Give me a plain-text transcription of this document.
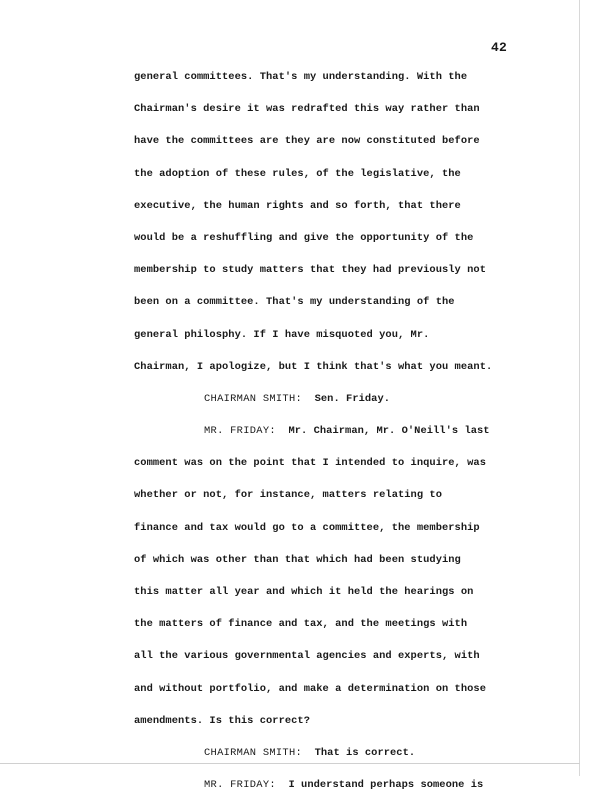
42
general committees. That's my understanding. With the
Chairman's desire it was redrafted this way rather than
have the committees are they are now constituted before
the adoption of these rules, of the legislative, the
executive, the human rights and so forth, that there
would be a reshuffling and give the opportunity of the
membership to study matters that they had previously not
been on a committee. That's my understanding of the
general philosphy. If I have misquoted you, Mr.
Chairman, I apologize, but I think that's what you meant.
CHAIRMAN SMITH:  Sen. Friday.
MR. FRIDAY:  Mr. Chairman, Mr. O'Neill's last
comment was on the point that I intended to inquire, was
whether or not, for instance, matters relating to
finance and tax would go to a committee, the membership
of which was other than that which had been studying
this matter all year and which it held the hearings on
the matters of finance and tax, and the meetings with
all the various governmental agencies and experts, with
and without portfolio, and make a determination on those
amendments. Is this correct?
CHAIRMAN SMITH:  That is correct.
MR. FRIDAY:  I understand perhaps someone is
